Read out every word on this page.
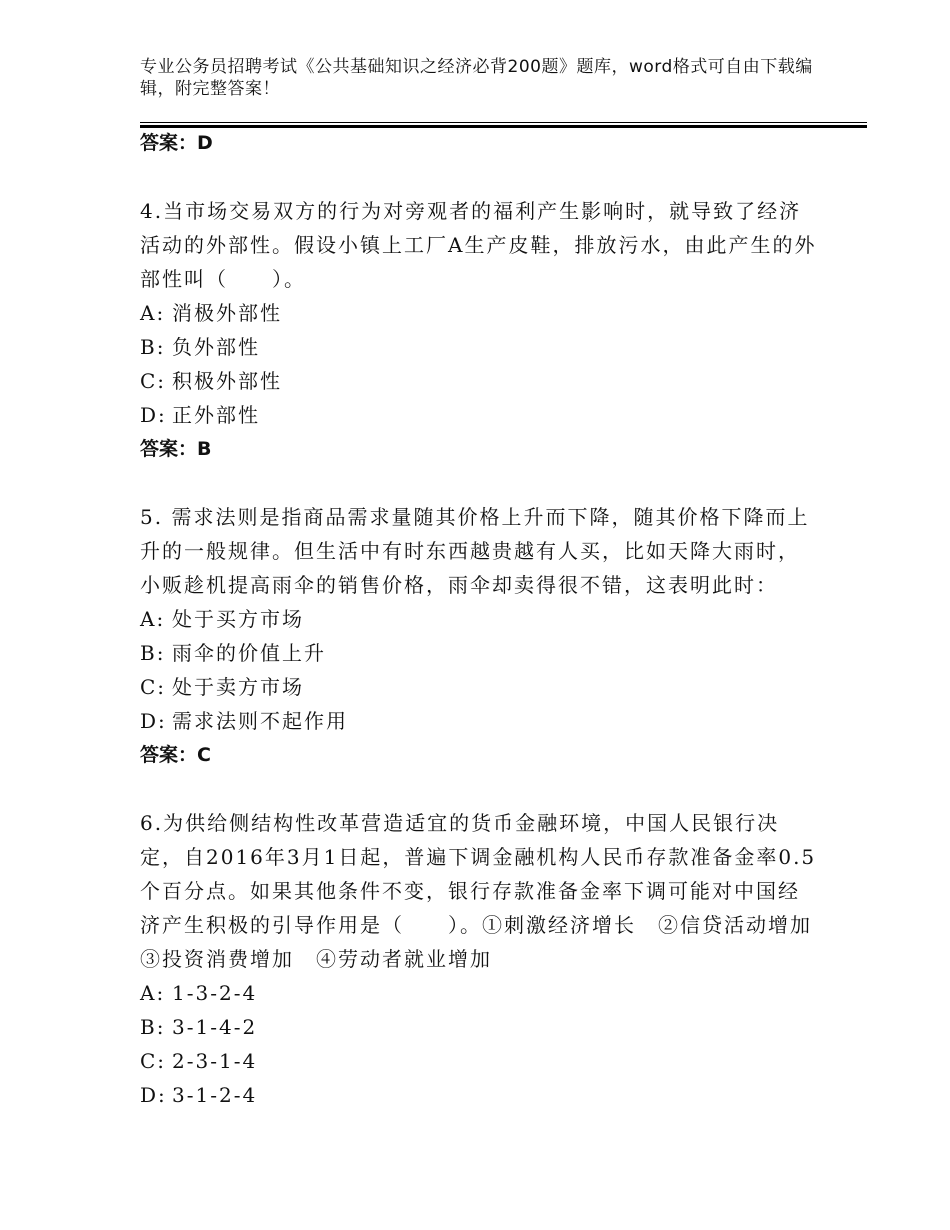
专业公务员招聘考试《公共基础知识之经济必背200题》题库，word格式可自由下载编辑，附完整答案！
答案：D
4.当市场交易双方的行为对旁观者的福利产生影响时，就导致了经济活动的外部性。假设小镇上工厂A生产皮鞋，排放污水，由此产生的外部性叫（　　）。
A: 消极外部性
B: 负外部性
C: 积极外部性
D: 正外部性
答案：B
5. 需求法则是指商品需求量随其价格上升而下降，随其价格下降而上升的一般规律。但生活中有时东西越贵越有人买，比如天降大雨时，小贩趁机提高雨伞的销售价格，雨伞却卖得很不错，这表明此时：
A: 处于买方市场
B: 雨伞的价值上升
C: 处于卖方市场
D: 需求法则不起作用
答案：C
6.为供给侧结构性改革营造适宜的货币金融环境，中国人民银行决定，自2016年3月1日起，普遍下调金融机构人民币存款准备金率0.5个百分点。如果其他条件不变，银行存款准备金率下调可能对中国经济产生积极的引导作用是（　　）。①刺激经济增长　②信贷活动增加　③投资消费增加　④劳动者就业增加
A: 1-3-2-4
B: 3-1-4-2
C: 2-3-1-4
D: 3-1-2-4
